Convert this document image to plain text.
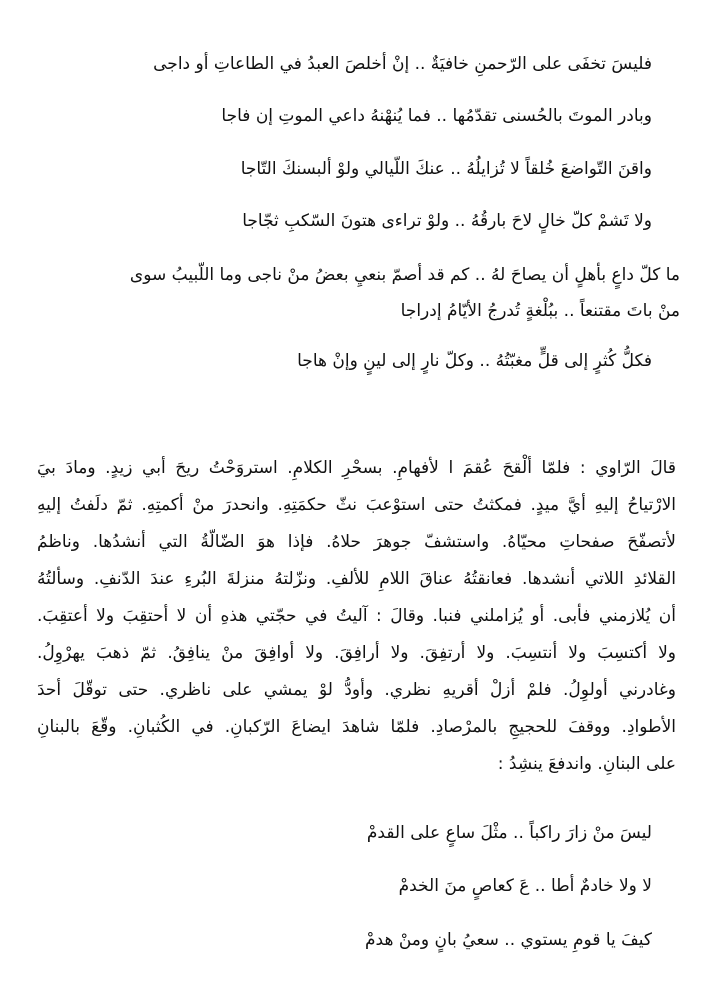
فليسَ تخفَى على الرّحمنِ خافيَةٌ .. إنْ أخلصَ العبدُ في الطاعاتِ أو داجى
وبادر الموتَ بالحُسنى تقدّمُها .. فما يُنهْنهُ داعي الموتِ إن فاجا
واقنَ التّواضعَ خُلقاً لا تُزايلُهُ .. عنكَ اللّيالي ولوْ ألبسنكَ التّاجا
ولا تَشمْ كلّ خالٍ لاحَ بارقُهُ .. ولوْ تراءى هتونَ السّكبِ ثجّاجا
ما كلّ داعٍ بأهلٍ أن يصاحَ لهُ .. كم قد أصمّ بنعيِ بعضُ منْ ناجى وما اللّبيبُ سوى
منْ باتَ مقتنعاً .. ببُلْغةٍ تُدرجُ الأيّامُ إدراجا
فكلُّ كُثرٍ إلى قلٍّ مغبّتُهُ .. وكلّ نارٍ إلى لينٍ وإنْ هاجا
قالَ الرّاوي : فلمّا ألْقحَ عُقمَ ا لأفهامِ. بسحْرِ الكلامِ. استروَحْتُ ريحَ أبي زيدٍ. ومادَ بيَ
الارْتياحُ إليهِ أيَّ ميدٍ. فمكثتُ حتى استوْعبَ نثّ حكمَتِهِ. وانحدرَ منْ أكمتِهِ. ثمّ دلَفتُ إليهِ
لأتصفّحَ صفحاتِ محيّاهُ. واستشفّ جوهرَ حلاهُ. فإذا هوَ الضّالّةُ التي أنشدُها. وناظمُ
القلائدِ اللاتي أنشدها. فعانقتُهُ عناقَ اللامِ للألفِ. ونزّلتهُ منزلةَ البُرءِ عندَ الدّنفِ. وسألتُهُ
أن يُلازمني فأبى. أو يُزاملني فنبا. وقالَ : آليتُ في حجّتي هذهِ أن لا أحتقِبَ ولا أعتقِبَ.
ولا أكتسِبَ ولا أنتسِبَ. ولا أرتفِقَ. ولا أرافِقَ. ولا أوافِقَ منْ ينافِقُ. ثمّ ذهبَ يهرْوِلُ.
وغادرني أولوِلُ. فلمْ أزلْ أقريهِ نظري. وأودُّ لوْ يمشي على ناظري. حتى توقّلَ أحدَ
الأطوادِ. ووقفَ للحجيجِ بالمرْصادِ. فلمّا شاهدَ ايضاعَ الرّكبانِ. في الكُثبانِ. وقّعَ بالبنانِ
على البنانِ. واندفعَ ينشِدُ :
ليسَ منْ زارَ راكباً .. مثْلَ ساعٍ على القدمْ
لا ولا خادمٌ أطا .. عَ كعاصٍ منَ الخدمْ
كيفَ يا قومِ يستوي .. سعيُ بانٍ ومنْ هدمْ
